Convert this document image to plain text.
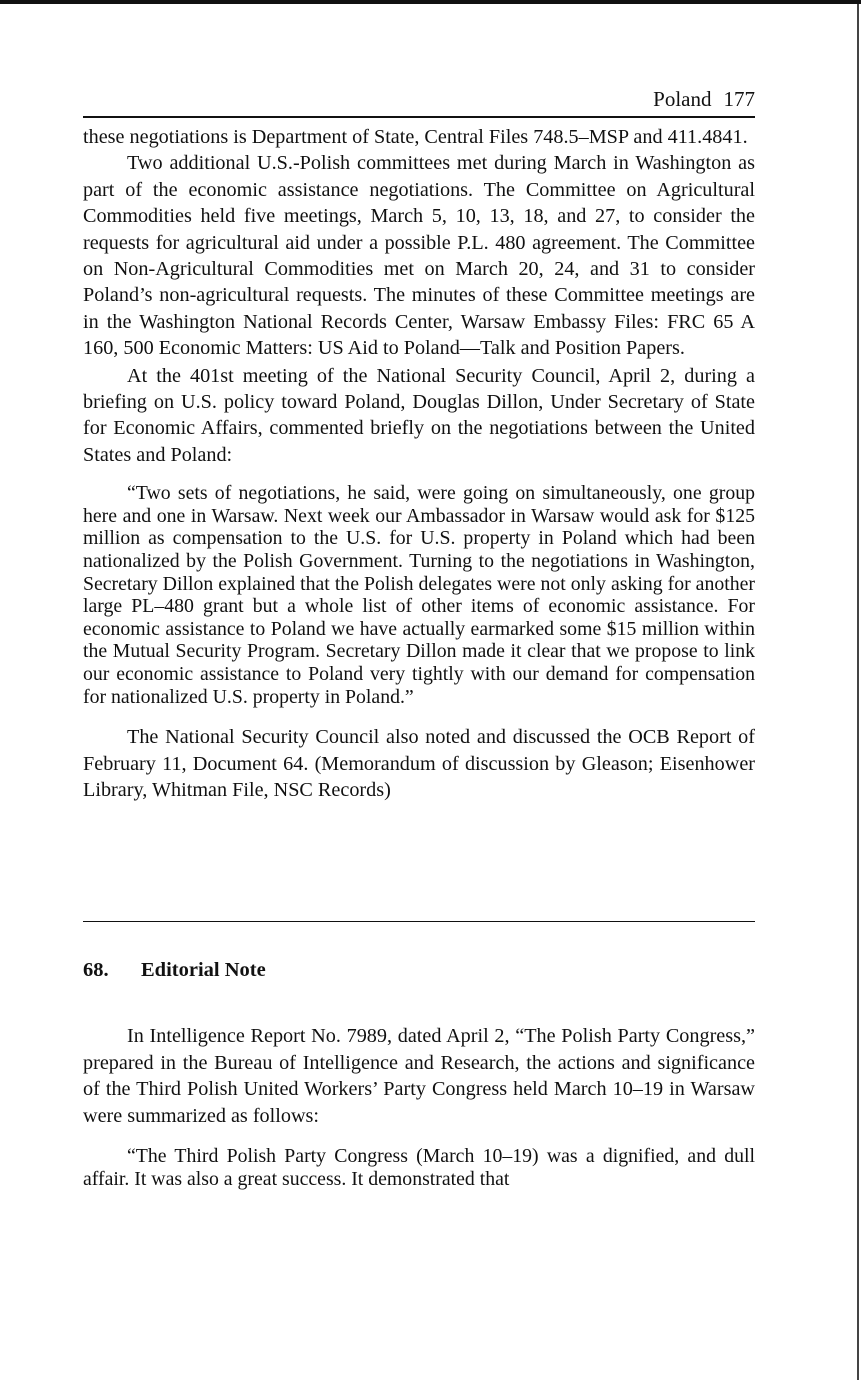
Poland 177

these negotiations is Department of State, Central Files 748.5–MSP and 411.4841.

Two additional U.S.-Polish committees met during March in Washington as part of the economic assistance negotiations. The Committee on Agricultural Commodities held five meetings, March 5, 10, 13, 18, and 27, to consider the requests for agricultural aid under a possible P.L. 480 agreement. The Committee on Non-Agricultural Commodities met on March 20, 24, and 31 to consider Poland’s non-agricultural requests. The minutes of these Committee meetings are in the Washington National Records Center, Warsaw Embassy Files: FRC 65 A 160, 500 Economic Matters: US Aid to Poland—Talk and Position Papers.

At the 401st meeting of the National Security Council, April 2, during a briefing on U.S. policy toward Poland, Douglas Dillon, Under Secretary of State for Economic Affairs, commented briefly on the negotiations between the United States and Poland:

“Two sets of negotiations, he said, were going on simultaneously, one group here and one in Warsaw. Next week our Ambassador in Warsaw would ask for $125 million as compensation to the U.S. for U.S. property in Poland which had been nationalized by the Polish Government. Turning to the negotiations in Washington, Secretary Dillon explained that the Polish delegates were not only asking for another large PL–480 grant but a whole list of other items of economic assistance. For economic assistance to Poland we have actually earmarked some $15 million within the Mutual Security Program. Secretary Dillon made it clear that we propose to link our economic assistance to Poland very tightly with our demand for compensation for nationalized U.S. property in Poland.”

The National Security Council also noted and discussed the OCB Report of February 11, Document 64. (Memorandum of discussion by Gleason; Eisenhower Library, Whitman File, NSC Records)

68. Editorial Note

In Intelligence Report No. 7989, dated April 2, “The Polish Party Congress,” prepared in the Bureau of Intelligence and Research, the actions and significance of the Third Polish United Workers’ Party Congress held March 10–19 in Warsaw were summarized as follows:

“The Third Polish Party Congress (March 10–19) was a dignified, and dull affair. It was also a great success. It demonstrated that
